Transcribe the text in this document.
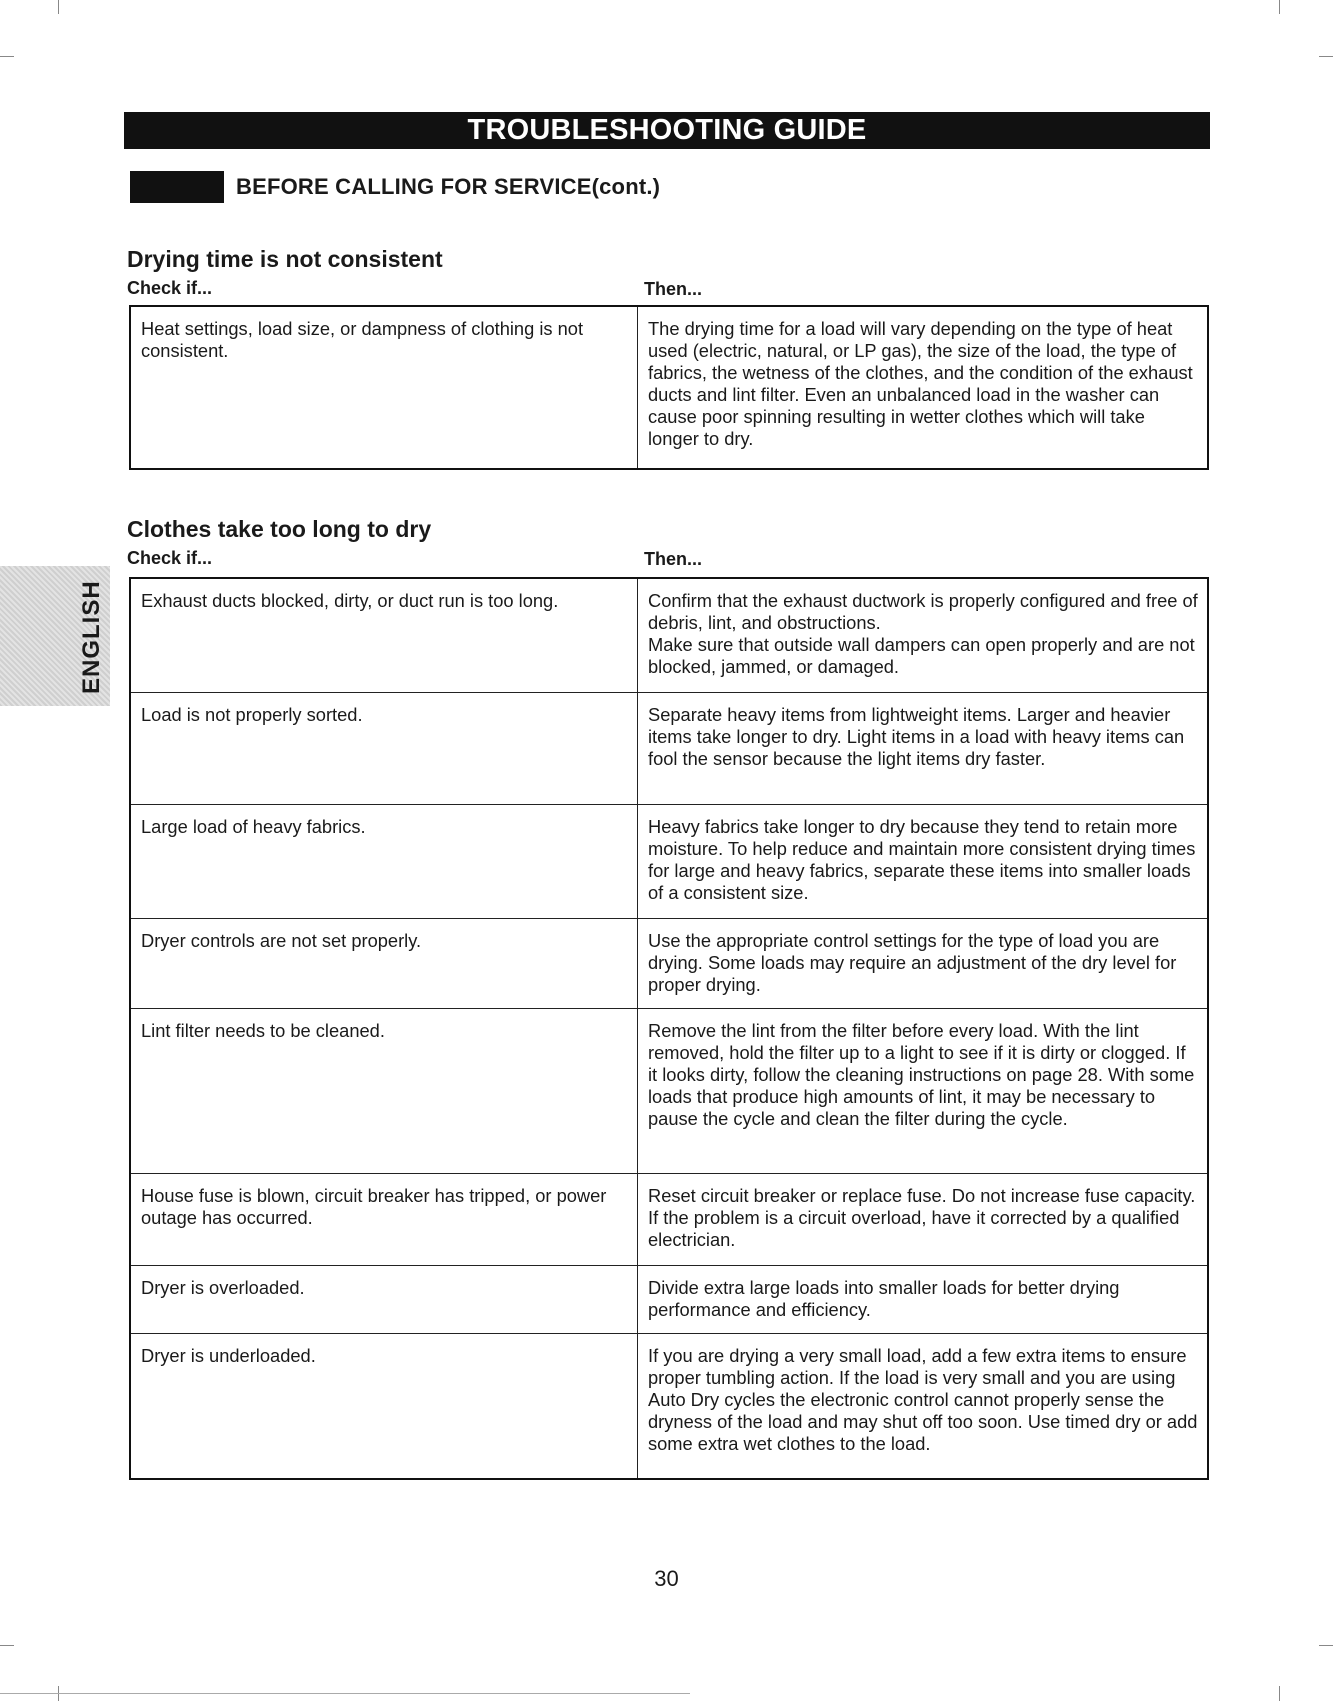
TROUBLESHOOTING GUIDE
BEFORE CALLING FOR SERVICE(cont.)
ENGLISH
Drying time is not consistent
Check if...	Then...
Heat settings, load size, or dampness of clothing is not consistent.	The drying time for a load will vary depending on the type of heat used (electric, natural, or LP gas), the size of the load, the type of fabrics, the wetness of the clothes, and the condition of the exhaust ducts and lint filter. Even an unbalanced load in the washer can cause poor spinning resulting in wetter clothes which will take longer to dry.
Clothes take too long to dry
Check if...	Then...
Exhaust ducts blocked, dirty, or duct run is too long.	Confirm that the exhaust ductwork is properly configured and free of debris, lint, and obstructions.
Make sure that outside wall dampers can open properly and are not blocked, jammed, or damaged.

Load is not properly sorted.	Separate heavy items from lightweight items. Larger and heavier items take longer to dry. Light items in a load with heavy items can fool the sensor because the light items dry faster.
Large load of heavy fabrics.	Heavy fabrics take longer to dry because they tend to retain more moisture. To help reduce and maintain more consistent drying times for large and heavy fabrics, separate these items into smaller loads of a consistent size.
Dryer controls are not set properly.	Use the appropriate control settings for the type of load you are drying. Some loads may require an adjustment of the dry level for proper drying.
Lint filter needs to be cleaned.	Remove the lint from the filter before every load. With the lint removed, hold the filter up to a light to see if it is dirty or clogged. If it looks dirty, follow the cleaning instructions on page 28. With some loads that produce high amounts of lint, it may be necessary to pause the cycle and clean the filter during the cycle.
House fuse is blown, circuit breaker has tripped, or power outage has occurred.	Reset circuit breaker or replace fuse. Do not increase fuse capacity. If the problem is a circuit overload, have it corrected by a qualified electrician.
Dryer is overloaded.	Divide extra large loads into smaller loads for better drying performance and efficiency.
Dryer is underloaded.	If you are drying a very small load, add a few extra items to ensure proper tumbling action. If the load is very small and you are using Auto Dry cycles the electronic control cannot properly sense the dryness of the load and may shut off too soon. Use timed dry or add some extra wet clothes to the load.
30
